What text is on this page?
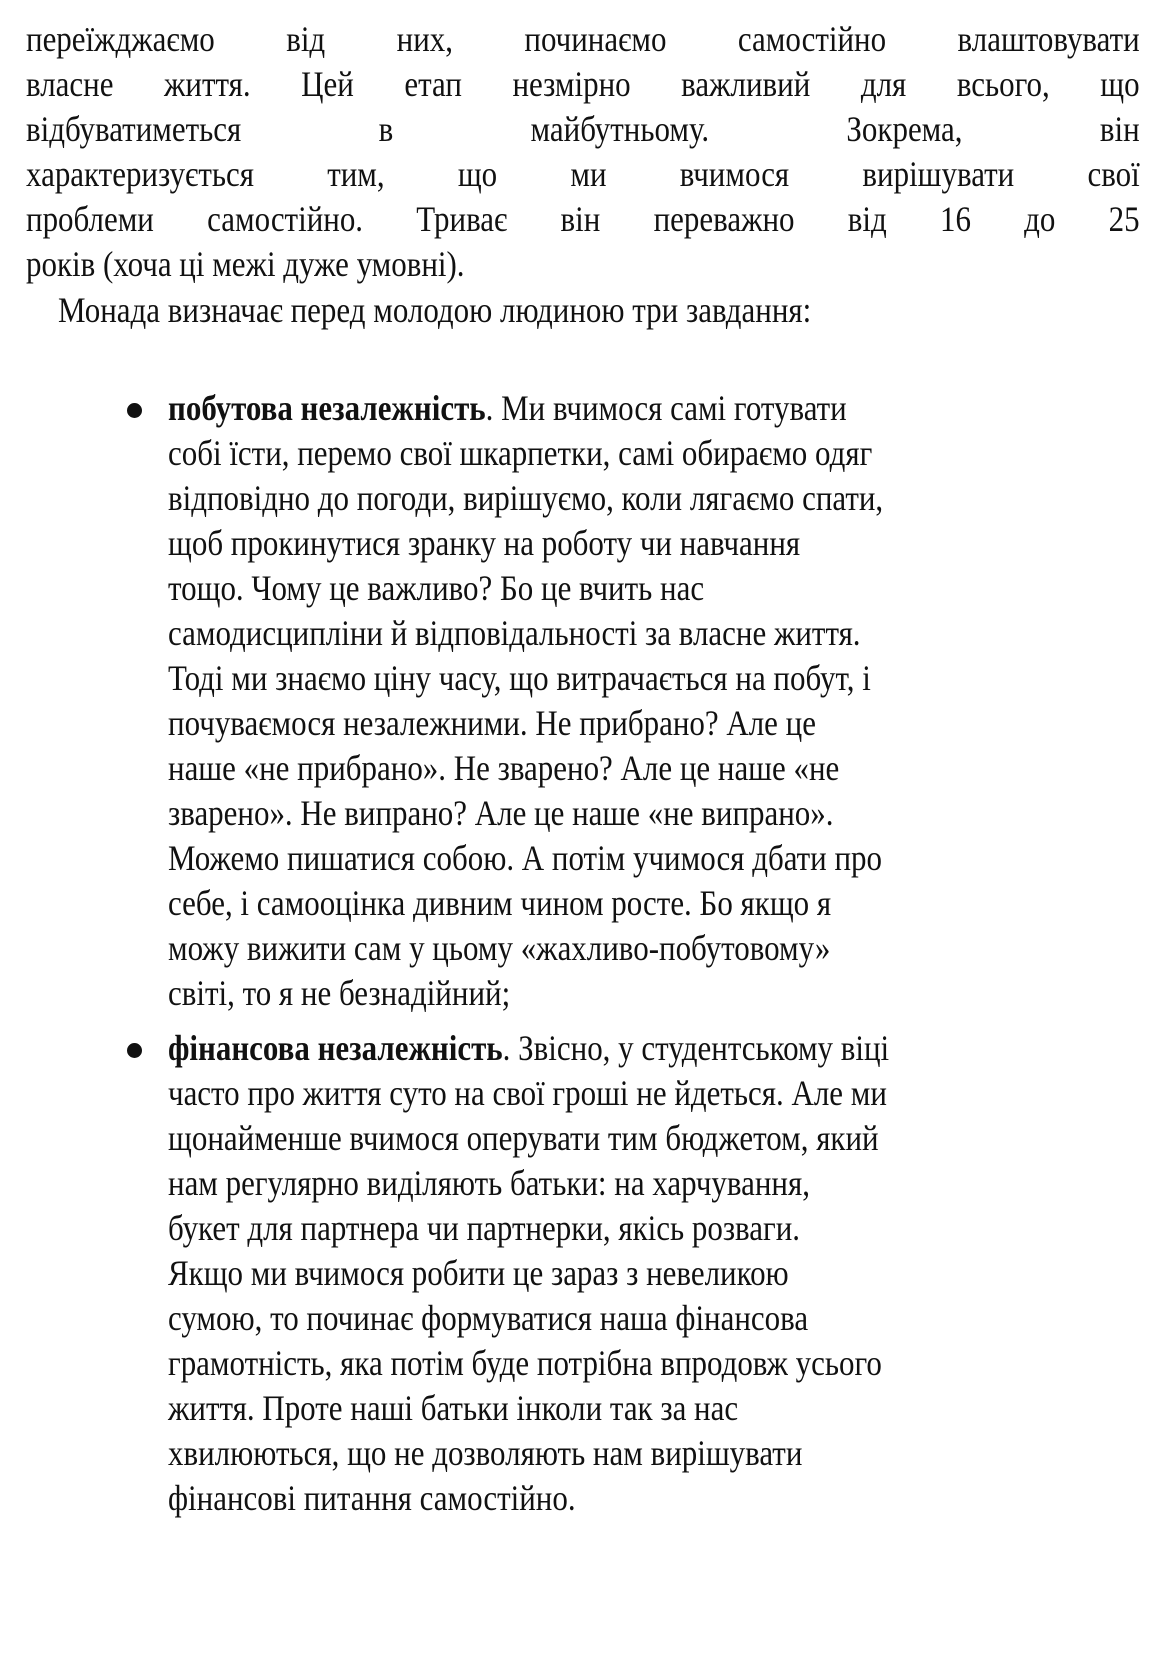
переїжджаємо від них, починаємо самостійно влаштовувати
власне життя. Цей етап незмірно важливий для всього, що
відбуватиметься	в	майбутньому.	Зокрема,	він
характеризується тим, що ми вчимося вирішувати свої
проблеми самостійно. Триває він переважно від 16 до 25
років (хоча ці межі дуже умовні).
Монада визначає перед молодою людиною три завдання:
побутова незалежність. Ми вчимося самі готувати
собі їсти, перемо свої шкарпетки, самі обираємо одяг
відповідно до погоди, вирішуємо, коли лягаємо спати,
щоб прокинутися зранку на роботу чи навчання
тощо. Чому це важливо? Бо це вчить нас
самодисципліни й відповідальності за власне життя.
Тоді ми знаємо ціну часу, що витрачається на побут, і
почуваємося незалежними. Не прибрано? Але це
наше «не прибрано». Не зварено? Але це наше «не
зварено». Не випрано? Але це наше «не випрано».
Можемо пишатися собою. А потім учимося дбати про
себе, і самооцінка дивним чином росте. Бо якщо я
можу вижити сам у цьому «жахливо-побутовому»
світі, то я не безнадійний;
фінансова незалежність. Звісно, у студентському віці
часто про життя суто на свої гроші не йдеться. Але ми
щонайменше вчимося оперувати тим бюджетом, який
нам регулярно виділяють батьки: на харчування,
букет для партнера чи партнерки, якісь розваги.
Якщо ми вчимося робити це зараз з невеликою
сумою, то починає формуватися наша фінансова
грамотність, яка потім буде потрібна впродовж усього
життя. Проте наші батьки інколи так за нас
хвилюються, що не дозволяють нам вирішувати
фінансові питання самостійно.
